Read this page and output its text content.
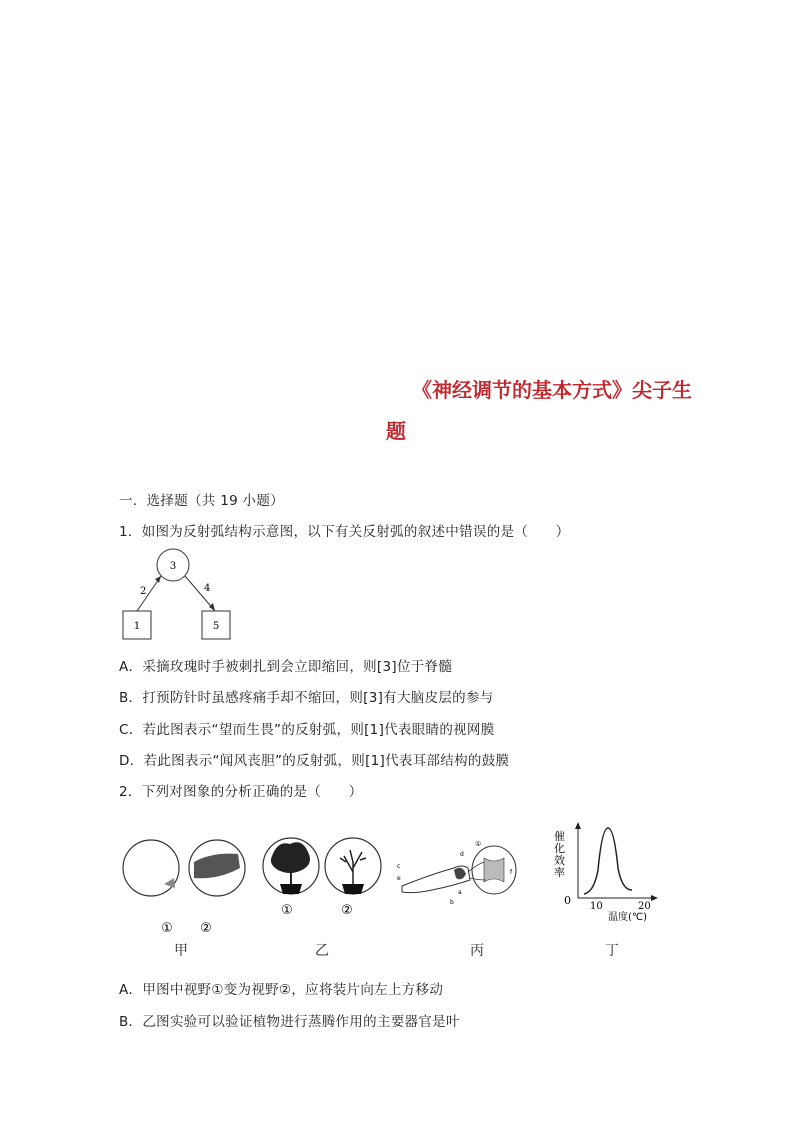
《神经调节的基本方式》尖子生
题
一．选择题（共 19 小题）
1．如图为反射弧结构示意图，以下有关反射弧的叙述中错误的是（　　）
3
1	5
2	4
A．采摘玫瑰时手被刺扎到会立即缩回，则[3]位于脊髓
B．打预防针时虽感疼痛手却不缩回，则[3]有大脑皮层的参与
C．若此图表示“望而生畏”的反射弧，则[1]代表眼睛的视网膜
D．若此图表示“闻风丧胆”的反射弧，则[1]代表耳部结构的鼓膜
2．下列对图象的分析正确的是（　　）
① ②
甲
①	②
乙
c
d
①
e
a
b
f
丙
催
化
效
率
0 10	20
温度(℃)
丁
A．甲图中视野①变为视野②，应将装片向左上方移动
B．乙图实验可以验证植物进行蒸腾作用的主要器官是叶
